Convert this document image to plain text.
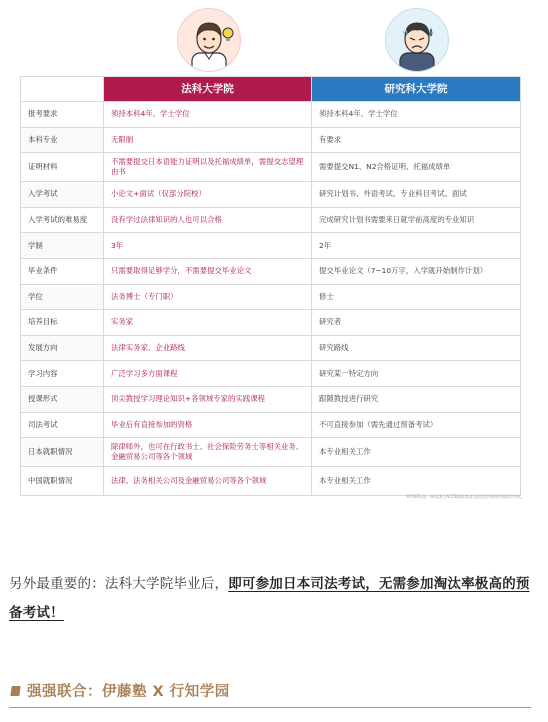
	法科大学院	研究科大学院
报考要求	须持本科4年、学士学位	须持本科4年、学士学位
本科专业	无限制	有要求
证明材料	不需要提交日本语能力证明以及托福成绩单，需提交志望理由书	需要提交N1、N2合格证明、托福成绩单
入学考试	小论文+面试（仅部分院校）	研究计划书、外语考试、专业科目考试、面试
入学考试的难易度	没有学过法律知识的人也可以合格	完成研究计划书需要来日就学前高度的专业知识
学制	3年	2年
毕业条件	只需要取得足够学分，不需要提交毕业论文	提交毕业论文（7~10万字，入学就开始制作计划）
学位	法务博士（专门职）	修士
培养目标	实务家	研究者
发展方向	法律实务家、企业路线	研究路线
学习内容	广泛学习多方面课程	研究某一特定方向
授课形式	顶尖教授学习理论知识+各领域专家的实践课程	跟随教授进行研究
司法考试	毕业后有直接参加的资格	不可直接参加（需先通过预备考试）
日本就职情况	除律师外，也可在行政书士、社会保险劳务士等相关业务、金融贸易公司等各个领域	本专业相关工作
中国就职情况	法律、法务相关公司及金融贸易公司等各个领域	本专业相关工作
※TOEFL是一种以国主ACCE国际教育交流协会和海外测试的考试。
另外最重要的：法科大学院毕业后，即可参加日本司法考试，无需参加淘汰率极高的预备考试！
强强联合：伊藤塾 X 行知学园
